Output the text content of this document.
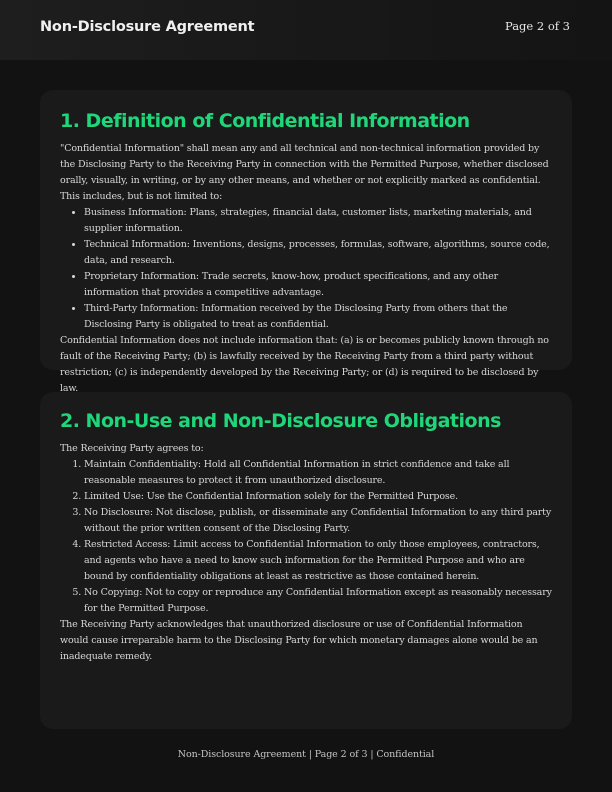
Non-Disclosure Agreement	Page 2 of 3
1. Definition of Confidential Information

"Confidential Information" shall mean any and all technical and non-technical information provided by the Disclosing Party to the Receiving Party in connection with the Permitted Purpose, whether disclosed orally, visually, in writing, or by any other means, and whether or not explicitly marked as confidential. This includes, but is not limited to:

• Business Information: Plans, strategies, financial data, customer lists, marketing materials, and supplier information.
• Technical Information: Inventions, designs, processes, formulas, software, algorithms, source code, data, and research.
• Proprietary Information: Trade secrets, know-how, product specifications, and any other information that provides a competitive advantage.
• Third-Party Information: Information received by the Disclosing Party from others that the Disclosing Party is obligated to treat as confidential.

Confidential Information does not include information that: (a) is or becomes publicly known through no fault of the Receiving Party; (b) is lawfully received by the Receiving Party from a third party without restriction; (c) is independently developed by the Receiving Party; or (d) is required to be disclosed by law.

2. Non-Use and Non-Disclosure Obligations

The Receiving Party agrees to:

1. Maintain Confidentiality: Hold all Confidential Information in strict confidence and take all reasonable measures to protect it from unauthorized disclosure.
2. Limited Use: Use the Confidential Information solely for the Permitted Purpose.
3. No Disclosure: Not disclose, publish, or disseminate any Confidential Information to any third party without the prior written consent of the Disclosing Party.
4. Restricted Access: Limit access to Confidential Information to only those employees, contractors, and agents who have a need to know such information for the Permitted Purpose and who are bound by confidentiality obligations at least as restrictive as those contained herein.
5. No Copying: Not to copy or reproduce any Confidential Information except as reasonably necessary for the Permitted Purpose.

The Receiving Party acknowledges that unauthorized disclosure or use of Confidential Information would cause irreparable harm to the Disclosing Party for which monetary damages alone would be an inadequate remedy.

Non-Disclosure Agreement | Page 2 of 3 | Confidential
